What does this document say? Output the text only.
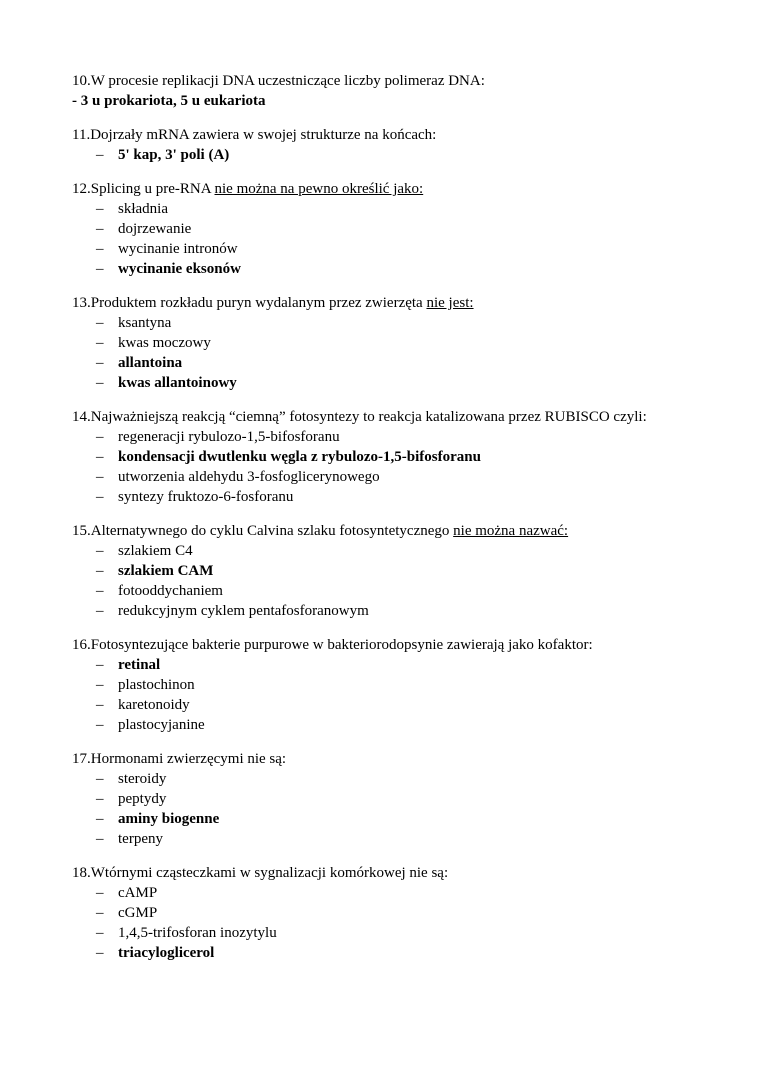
10.W procesie replikacji DNA uczestniczące liczby polimeraz DNA:
- 3 u prokariota, 5 u eukariota
11.Dojrzały mRNA zawiera w swojej strukturze na końcach:
– 5' kap, 3' poli (A)
12.Splicing u pre-RNA nie można na pewno określić jako:
– składnia
– dojrzewanie
– wycinanie intronów
– wycinanie eksonów
13.Produktem rozkładu puryn wydalanym przez zwierzęta nie jest:
– ksantyna
– kwas moczowy
– allantoina
– kwas allantoinowy
14.Najważniejszą reakcją “ciemną” fotosyntezy to reakcja katalizowana przez RUBISCO czyli:
– regeneracji rybulozo-1,5-bifosforanu
– kondensacji dwutlenku węgla z rybulozo-1,5-bifosforanu
– utworzenia aldehydu 3-fosfoglicerynowego
– syntezy fruktozo-6-fosforanu
15.Alternatywnego do cyklu Calvina szlaku fotosyntetycznego nie można nazwać:
– szlakiem C4
– szlakiem CAM
– fotooddychaniem
– redukcyjnym cyklem pentafosforanowym
16.Fotosyntezujące bakterie purpurowe w bakteriorodopsynie zawierają jako kofaktor:
– retinal
– plastochinon
– karetonoidy
– plastocyjanine
17.Hormonami zwierzęcymi nie są:
– steroidy
– peptydy
– aminy biogenne
– terpeny
18.Wtórnymi cząsteczkami w sygnalizacji komórkowej nie są:
– cAMP
– cGMP
– 1,4,5-trifosforan inozytylu
– triacyloglicerol
